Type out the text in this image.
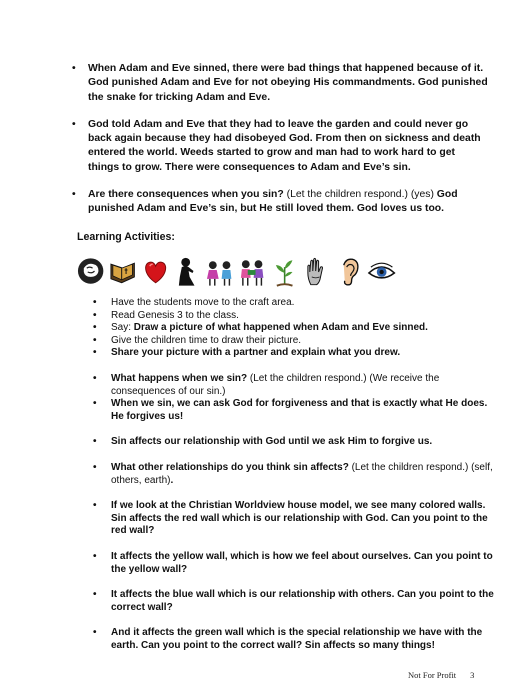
• When Adam and Eve sinned, there were bad things that happened because of it. God punished Adam and Eve for not obeying His commandments. God punished the snake for tricking Adam and Eve.
• God told Adam and Eve that they had to leave the garden and could never go back again because they had disobeyed God. From then on sickness and death entered the world. Weeds started to grow and man had to work hard to get things to grow. There were consequences to Adam and Eve’s sin.
• Are there consequences when you sin? (Let the children respond.) (yes) God punished Adam and Eve’s sin, but He still loved them. God loves us too.
Learning Activities:
• Have the students move to the craft area.
• Read Genesis 3 to the class.
• Say: Draw a picture of what happened when Adam and Eve sinned.
• Give the children time to draw their picture.
• Share your picture with a partner and explain what you drew.
• What happens when we sin? (Let the children respond.) (We receive the consequences of our sin.)
• When we sin, we can ask God for forgiveness and that is exactly what He does. He forgives us!
• Sin affects our relationship with God until we ask Him to forgive us.
• What other relationships do you think sin affects? (Let the children respond.) (self, others, earth).
• If we look at the Christian Worldview house model, we see many colored walls. Sin affects the red wall which is our relationship with God. Can you point to the red wall?
• It affects the yellow wall, which is how we feel about ourselves. Can you point to the yellow wall?
• It affects the blue wall which is our relationship with others. Can you point to the correct wall?
• And it affects the green wall which is the special relationship we have with the earth. Can you point to the correct wall? Sin affects so many things!
Not For Profit 3
